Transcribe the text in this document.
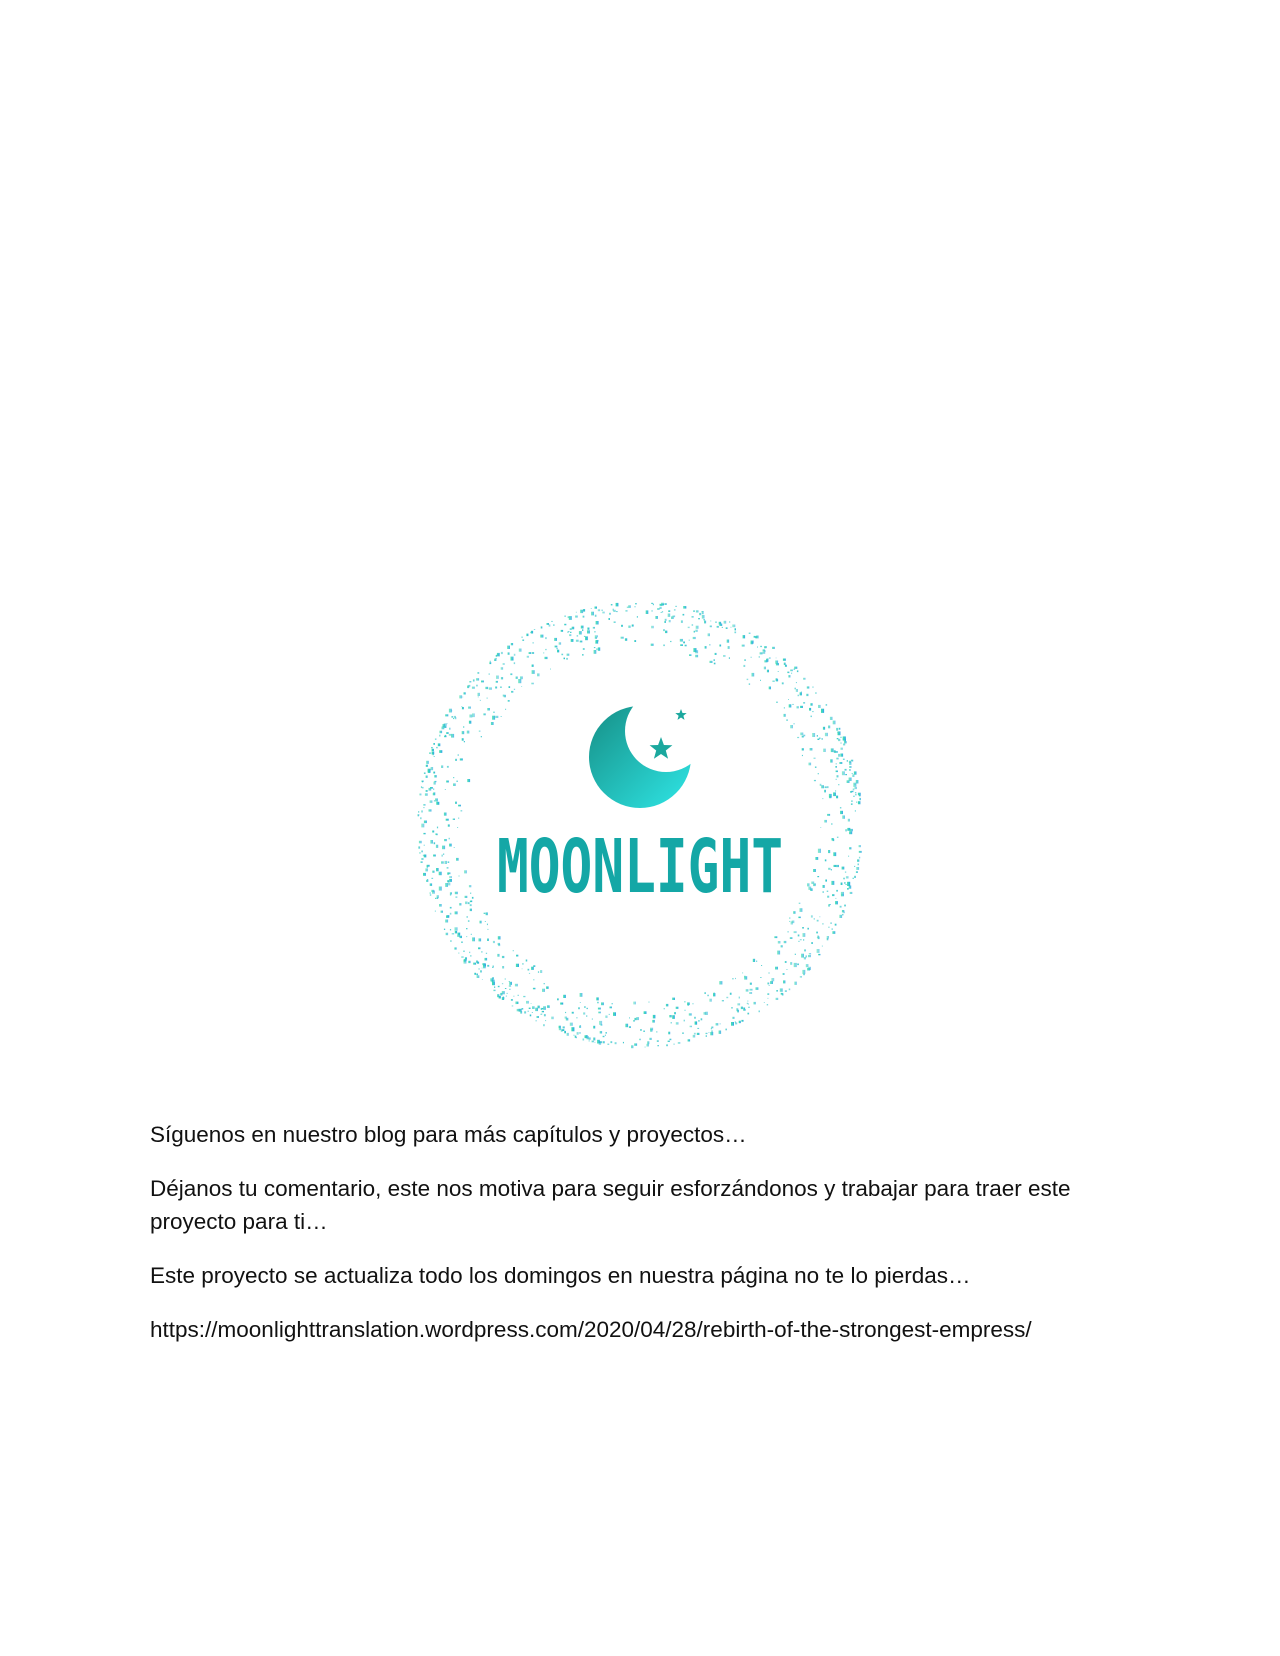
MOONLIGHT

Síguenos en nuestro blog para más capítulos y proyectos…

Déjanos tu comentario, este nos motiva para seguir esforzándonos y trabajar para traer este proyecto para ti…

Este proyecto se actualiza todo los domingos en nuestra página no te lo pierdas…

https://moonlighttranslation.wordpress.com/2020/04/28/rebirth-of-the-strongest-empress/
